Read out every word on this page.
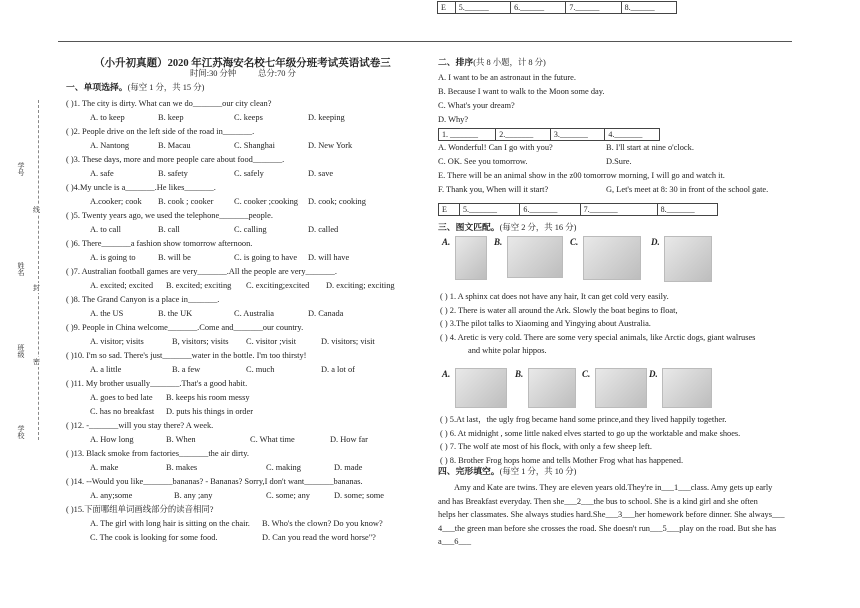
E	5.______	6.______	7.______	8.______
学号
姓名
班级
学校
线
封
密
（小升初真题）2020 年江苏海安名校七年级分班考试英语试卷三
时间:30 分钟	总分:70 分
一、单项选择。(每空 1 分，共 15 分)
( )1. The city is dirty. What can we do_______our city clean?
A. to keep	B. keep	C. keeps	D. keeping
( )2. People drive on the left side of the road in_______.
A. Nantong	B. Macau	C. Shanghai	D. New York
( )3. These days, more and more people care about food_______.
A. safe	B. safety	C. safely	D. save
( )4.My uncle is a_______.He likes_______.
A.cooker; cook B. cook ; cooker C. cooker ;cooking D. cook; cooking
( )5. Twenty years ago, we used the telephone_______people.
A. to call	B. call	C. calling	D. called
( )6. There_______a fashion show tomorrow afternoon.
A. is going to	B. will be	C. is going to have D. will have
( )7. Australian football games are very_______.All the people are very_______.
A. excited; excited B. excited; exciting C. exciting;excited D. exciting; exciting
( )8. The Grand Canyon is a place in_______.
A. the US	B. the UK	C. Australia	D. Canada
( )9. People in China welcome_______.Come and_______our country.
A. visitor; visits	B, visitors; visits C. visitor ;visit	D. visitors; visit
( )10. I'm so sad. There's just_______water in the bottle. I'm too thirsty!
A. a little	B. a few	C. much	D. a lot of
( )11. My brother usually_______.That's a good habit.
A. goes to bed late B. keeps his room messy
C. has no breakfast D. puts his things in order
( )12. -_______will you stay there? A week.
A. How long	B. When	C. What time	D. How far
( )13. Black smoke from factories_______the air dirty.
A. make	B. makes	C. making	D. made
( )14. --Would you like_______bananas? - Bananas? Sorry,I don't want_______bananas.
A. any;some	B. any ;any	C. some; any	D. some; some
( )15.下面哪组单词画线部分的读音相同?
A. The girl with long hair is sitting on the chair. B. Who's the clown? Do you know?
C. The cook is looking for some food.	D. Can you read the word horse"?
二、排序(共 8 小题，计 8 分)
A. I want to be an astronaut in the future.
B. Because I want to walk to the Moon some day.
C. What's your dream?
D. Why?
1. _______	2._______	3._______	4._______
A. Wonderful! Can I go with you?	B. I'll start at nine o'clock.
C. OK. See you tomorrow.	D.Sure.
E. There will be an animal show in the z00 tomorrow morning, I will go and watch it.
F. Thank you, When will it start?	G, Let's meet at 8: 30 in front of the school gate.
E	5._______	6._______	7._______	8._______
三、图文匹配。(每空 2 分，共 16 分)
A.	B.	C.	D.
( ) 1. A sphinx cat does not have any hair, It can get cold very easily.
( ) 2. There is water all around the Ark. Slowly the boat begins to float,
( ) 3.The pilot talks to Xiaoming and Yingying about Australia.
( ) 4. Aretic is very cold. There are some very special animals, like Arctic dogs, giant walruses
and white polar hippos.
A.	B.	C.	D.
( ) 5.At last，the ugly frog became hand some prince,and they lived happily together.
( ) 6. At midnight , some little naked elves started to go up the worktable and make shoes.
( ) 7. The wolf ate most of his flock, with only a few sheep left.
( ) 8. Brother Frog hops home and tells Mother Frog what has happened.
四、完形填空。(每空 1 分，共 10 分)
Amy and Kate are twins. They are eleven years old.They're in___1___class. Amy gets up early
and has Breakfast everyday. Then she___2___the bus to school. She is a kind girl and she often
helps her classmates. She always studies hard.She___3___her homework before dinner. She always___
4___the green man before she crosses the road. She doesn't run___5___play on the road. But she has
a___6___
